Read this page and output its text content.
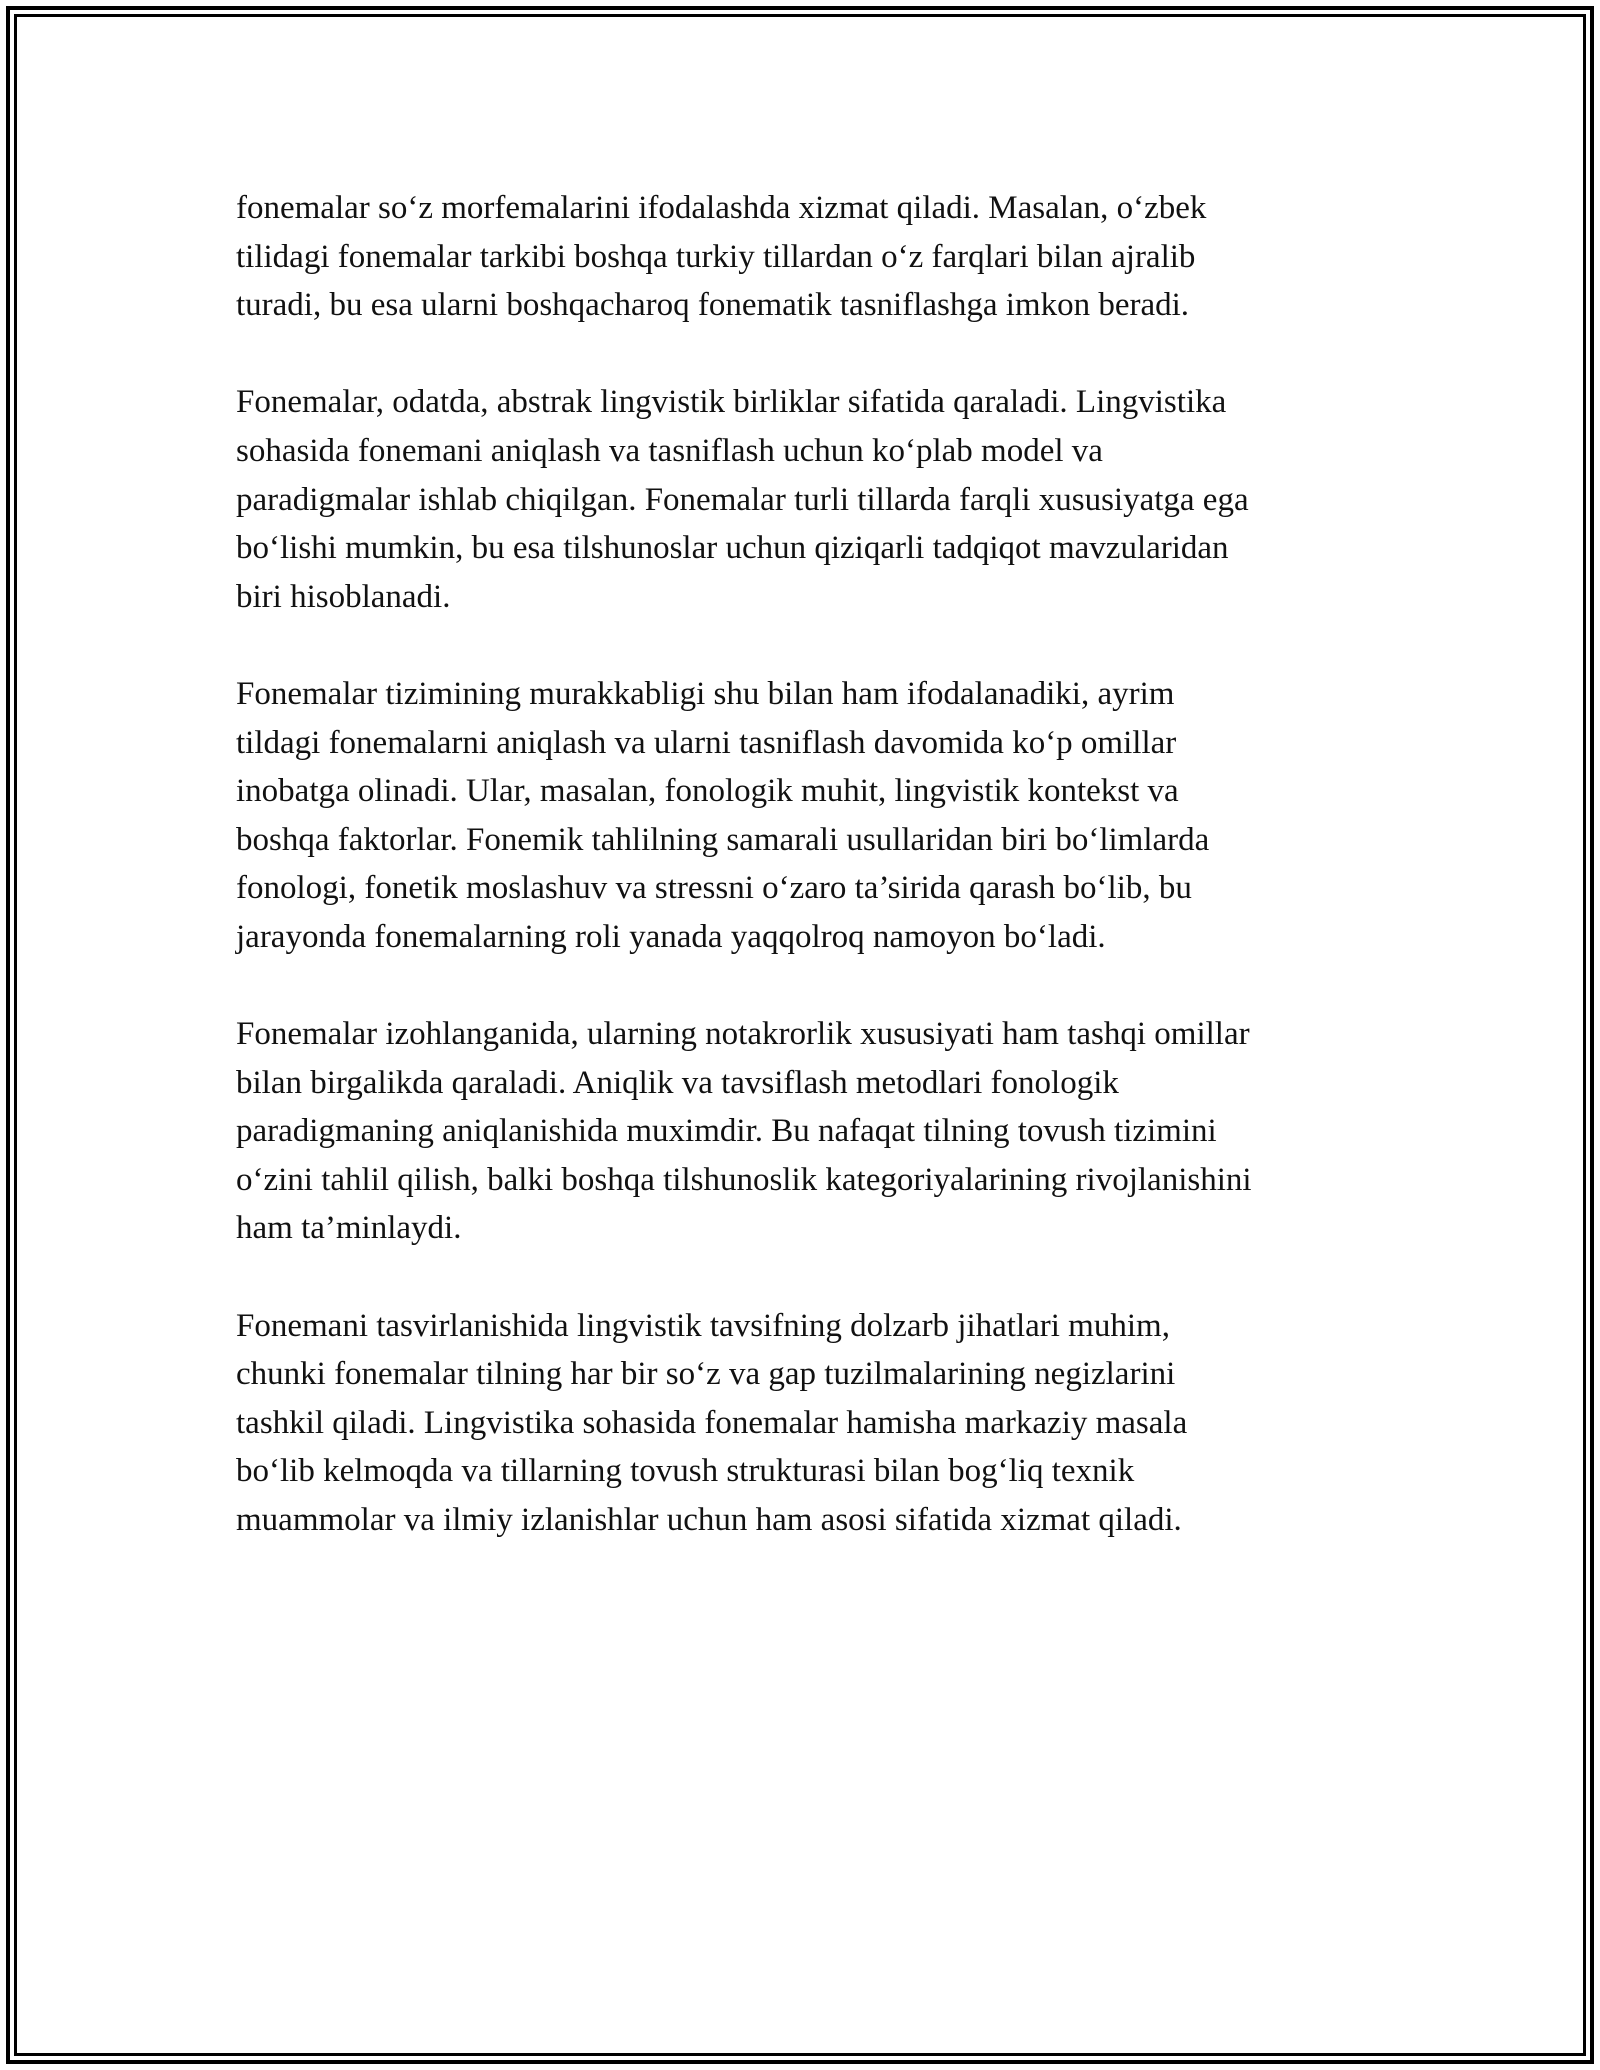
fonemalar so‘z morfemalarini ifodalashda xizmat qiladi. Masalan, o‘zbek
tilidagi fonemalar tarkibi boshqa turkiy tillardan o‘z farqlari bilan ajralib
turadi, bu esa ularni boshqacharoq fonematik tasniflashga imkon beradi.

Fonemalar, odatda, abstrak lingvistik birliklar sifatida qaraladi. Lingvistika
sohasida fonemani aniqlash va tasniflash uchun ko‘plab model va
paradigmalar ishlab chiqilgan. Fonemalar turli tillarda farqli xususiyatga ega
bo‘lishi mumkin, bu esa tilshunoslar uchun qiziqarli tadqiqot mavzularidan
biri hisoblanadi.

Fonemalar tizimining murakkabligi shu bilan ham ifodalanadiki, ayrim
tildagi fonemalarni aniqlash va ularni tasniflash davomida ko‘p omillar
inobatga olinadi. Ular, masalan, fonologik muhit, lingvistik kontekst va
boshqa faktorlar. Fonemik tahlilning samarali usullaridan biri bo‘limlarda
fonologi, fonetik moslashuv va stressni o‘zaro ta’sirida qarash bo‘lib, bu
jarayonda fonemalarning roli yanada yaqqolroq namoyon bo‘ladi.

Fonemalar izohlanganida, ularning notakrorlik xususiyati ham tashqi omillar
bilan birgalikda qaraladi. Aniqlik va tavsiflash metodlari fonologik
paradigmaning aniqlanishida muximdir. Bu nafaqat tilning tovush tizimini
o‘zini tahlil qilish, balki boshqa tilshunoslik kategoriyalarining rivojlanishini
ham ta’minlaydi.

Fonemani tasvirlanishida lingvistik tavsifning dolzarb jihatlari muhim,
chunki fonemalar tilning har bir so‘z va gap tuzilmalarining negizlarini
tashkil qiladi. Lingvistika sohasida fonemalar hamisha markaziy masala
bo‘lib kelmoqda va tillarning tovush strukturasi bilan bog‘liq texnik
muammolar va ilmiy izlanishlar uchun ham asosi sifatida xizmat qiladi.
